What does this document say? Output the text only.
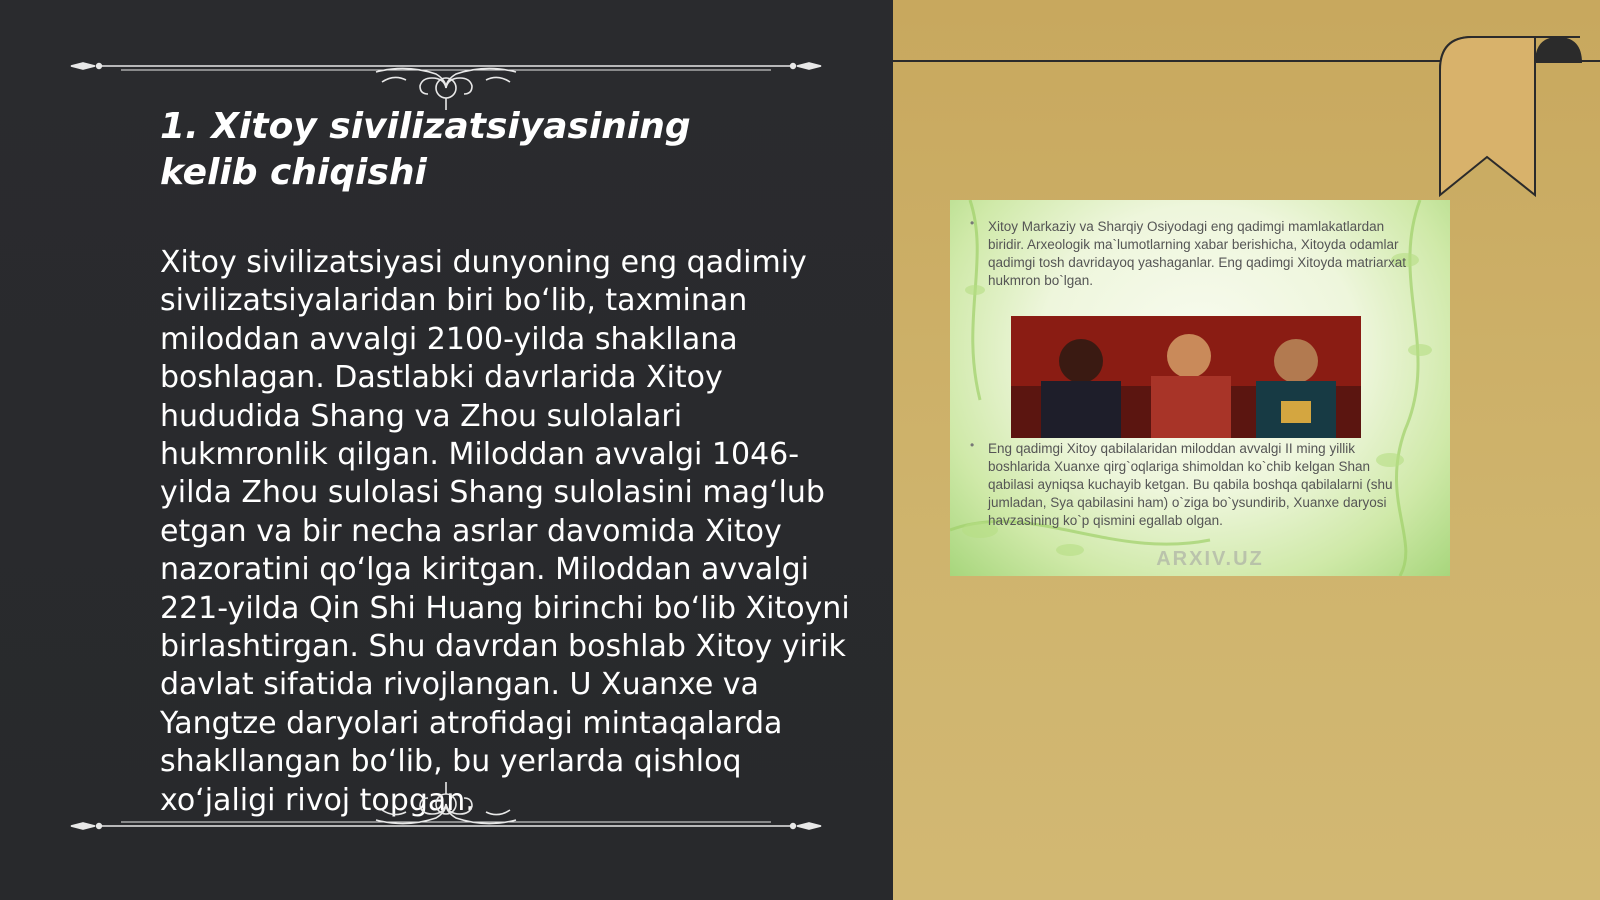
1. Xitoy sivilizatsiyasining kelib chiqishi
Xitoy sivilizatsiyasi dunyoning eng qadimiy sivilizatsiyalaridan biri bo‘lib, taxminan miloddan avvalgi 2100-yilda shakllana boshlagan. Dastlabki davrlarida Xitoy hududida Shang va Zhou sulolalari hukmronlik qilgan. Miloddan avvalgi 1046-yilda Zhou sulolasi Shang sulolasini mag‘lub etgan va bir necha asrlar davomida Xitoy nazoratini qo‘lga kiritgan. Miloddan avvalgi 221-yilda Qin Shi Huang birinchi bo‘lib Xitoyni birlashtirgan. Shu davrdan boshlab Xitoy yirik davlat sifatida rivojlangan. U Xuanxe va Yangtze daryolari atrofidagi mintaqalarda shakllangan bo‘lib, bu yerlarda qishloq xo‘jaligi rivoj topgan.
• Xitoy Markaziy va Sharqiy Osiyodagi eng qadimgi mamlakatlardan biridir. Arxeologik ma`lumotlarning xabar berishicha, Xitoyda odamlar qadimgi tosh davridayoq yashaganlar. Eng qadimgi Xitoyda matriarxat hukmron bo`lgan.
• Eng qadimgi Xitoy qabilalaridan miloddan avvalgi II ming yillik boshlarida Xuanxe qirg`oqlariga shimoldan ko`chib kelgan Shan qabilasi ayniqsa kuchayib ketgan. Bu qabila boshqa qabilalarni (shu jumladan, Sya qabilasini ham) o`ziga bo`ysundirib, Xuanxe daryosi havzasining ko`p qismini egallab olgan.
ARXIV.UZ
